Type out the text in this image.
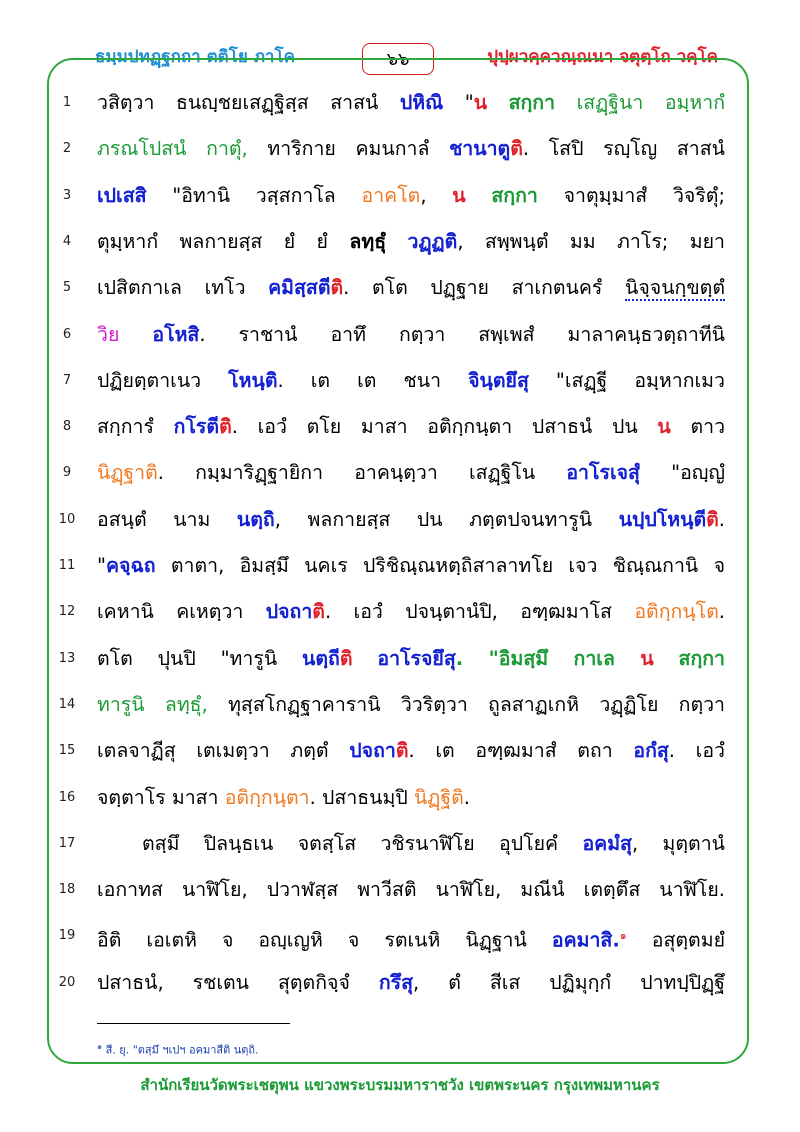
ธมฺมปทฏฺฐกถา ตติโย ภาโค	๖๖	ปุปฺผวคฺควณฺณนา จตุตฺโถ วคฺโค
1	วสิตฺวา ธนญฺชยเสฏฺฐิสฺส สาสนํ ปหิณิ "น สกฺกา เสฏฺฐินา อมฺหากํ
2	ภรณโปสนํ กาตุํ, ทาริกาย คมนกาลํ ชานาตูติ. โสปิ รญฺโญ สาสนํ
3	เปเสสิ "อิทานิ วสฺสกาโล อาคโต, น สกฺกา จาตุมฺมาสํ วิจริตุํ;
4	ตุมฺหากํ พลกายสฺส ยํ ยํ ลทฺธุํ วฏฺฏติ, สพฺพนฺตํ มม ภาโร; มยา
5	เปสิตกาเล เทโว คมิสฺสตีติ. ตโต ปฏฺฐาย สาเกตนครํ นิจฺจนกฺขตฺตํ
6	วิย อโหสิ. ราชานํ อาทึ กตฺวา สพฺเพสํ มาลาคนฺธวตฺถาทีนิ
7	ปฏิยตฺตาเนว โหนฺติ. เต เต ชนา จินฺตยึสุ "เสฏฺฐี อมฺหากเมว
8	สกฺการํ กโรตีติ. เอวํ ตโย มาสา อติกฺกนฺตา ปสาธนํ ปน น ตาว
9	นิฏฺฐาติ. กมฺมาริฏฺฐายิกา อาคนฺตฺวา เสฏฺฐิโน อาโรเจสุํ "อญฺญํ
10	อสนฺตํ นาม นตฺถิ, พลกายสฺส ปน ภตฺตปจนทารูนิ นปฺปโหนฺตีติ.
11	"คจฺฉถ ตาตา, อิมสฺมึ นคเร ปริชิณฺณหตฺถิสาลาทโย เจว ชิณฺณกานิ จ
12	เคหานิ คเหตฺวา ปจถาติ. เอวํ ปจนฺตานํปิ, อฑฺฒมาโส อติกฺกนฺโต.
13	ตโต ปุนปิ "ทารูนิ นตฺถีติ อาโรจยึสุ. "อิมสฺมึ กาเล น สกฺกา
14	ทารูนิ ลทฺธุํ, ทุสฺสโกฏฺฐาคารานิ วิวริตฺวา ถูลสาฏเกหิ วฏฺฏิโย กตฺวา
15	เตลจาฏีสุ เตเมตฺวา ภตฺตํ ปจถาติ. เต อฑฺฒมาสํ ตถา อกํสุ. เอวํ
16	จตฺตาโร มาสา อติกฺกนฺตา. ปสาธนมฺปิ นิฏฺฐิติ.
17	ตสฺมึ ปิลนฺธเน จตสฺโส วชิรนาฬิโย อุปโยคํ อคมํสุ, มุตฺตานํ
18	เอกาทส นาฬิโย, ปวาฬสฺส พาวีสติ นาฬิโย, มณีนํ เตตฺตึส นาฬิโย.
19	อิติ เอเตหิ จ อญฺเญหิ จ รตเนหิ นิฏฺฐานํ อคมาสิ.$^๑$ อสุตฺตมยํ
20	ปสาธนํ, รชเตน สุตฺตกิจฺจํ กรึสุ, ตํ สีเส ปฏิมุกฺกํ ปาทปฺปิฏฺฐึ
$^๑$ สี. ยุ. "ตสฺมึ ฯเปฯ อคมาสีติ นตฺถิ.
สำนักเรียนวัดพระเชตุพน แขวงพระบรมมหาราชวัง เขตพระนคร กรุงเทพมหานคร
